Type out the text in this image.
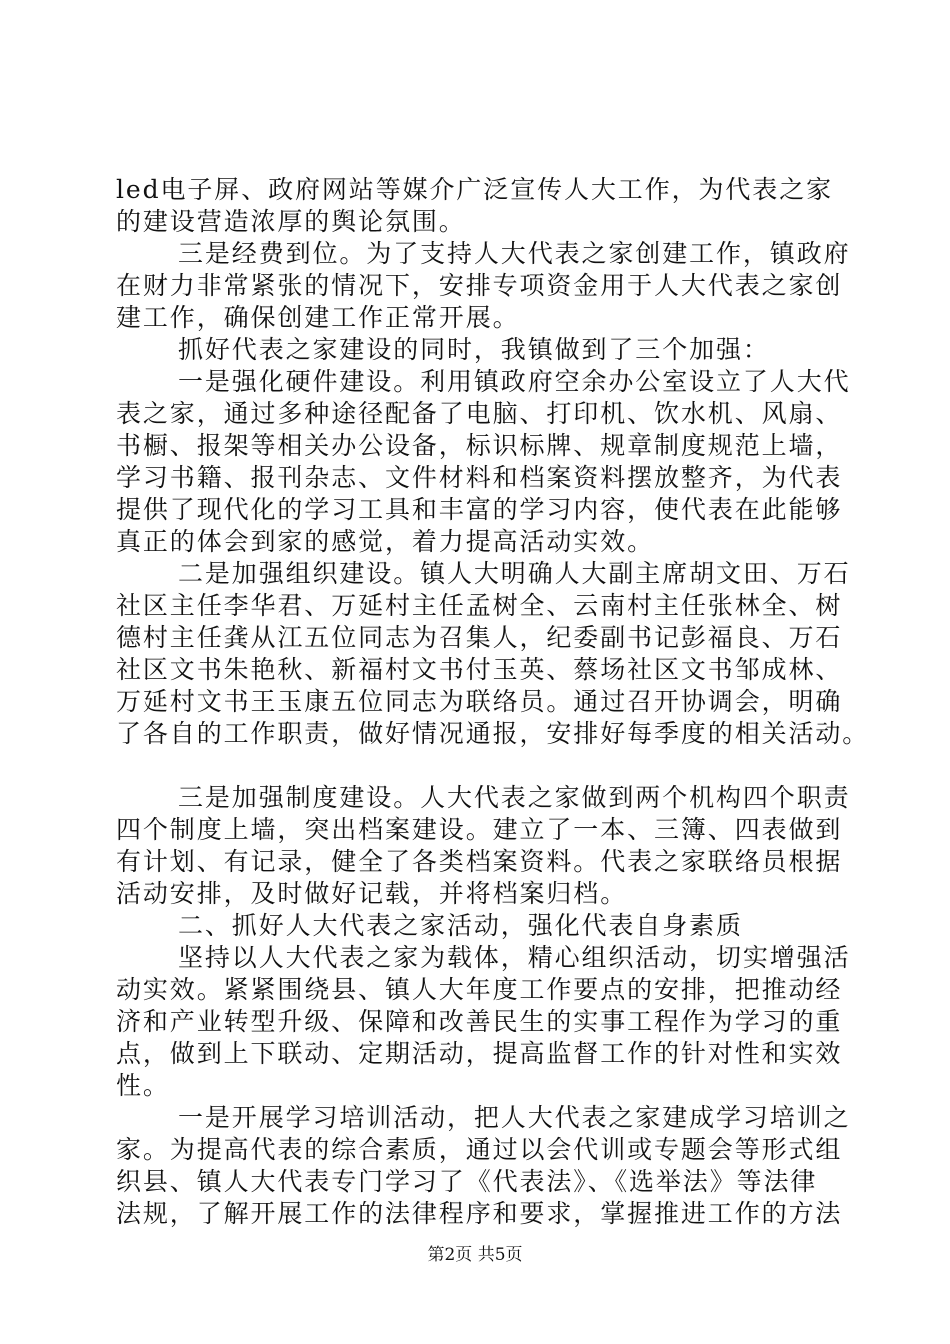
led电子屏、政府网站等媒介广泛宣传人大工作，为代表之家
的建设营造浓厚的舆论氛围。
三是经费到位。为了支持人大代表之家创建工作，镇政府
在财力非常紧张的情况下，安排专项资金用于人大代表之家创
建工作，确保创建工作正常开展。
抓好代表之家建设的同时，我镇做到了三个加强：
一是强化硬件建设。利用镇政府空余办公室设立了人大代
表之家，通过多种途径配备了电脑、打印机、饮水机、风扇、
书橱、报架等相关办公设备，标识标牌、规章制度规范上墙，
学习书籍、报刊杂志、文件材料和档案资料摆放整齐，为代表
提供了现代化的学习工具和丰富的学习内容，使代表在此能够
真正的体会到家的感觉，着力提高活动实效。
二是加强组织建设。镇人大明确人大副主席胡文田、万石
社区主任李华君、万延村主任孟树全、云南村主任张林全、树
德村主任龚从江五位同志为召集人，纪委副书记彭福良、万石
社区文书朱艳秋、新福村文书付玉英、蔡场社区文书邹成林、
万延村文书王玉康五位同志为联络员。通过召开协调会，明确
了各自的工作职责，做好情况通报，安排好每季度的相关活动。
三是加强制度建设。人大代表之家做到两个机构四个职责
四个制度上墙，突出档案建设。建立了一本、三簿、四表做到
有计划、有记录，健全了各类档案资料。代表之家联络员根据
活动安排，及时做好记载，并将档案归档。
二、抓好人大代表之家活动，强化代表自身素质
坚持以人大代表之家为载体，精心组织活动，切实增强活
动实效。紧紧围绕县、镇人大年度工作要点的安排，把推动经
济和产业转型升级、保障和改善民生的实事工程作为学习的重
点，做到上下联动、定期活动，提高监督工作的针对性和实效
性。
一是开展学习培训活动，把人大代表之家建成学习培训之
家。为提高代表的综合素质，通过以会代训或专题会等形式组
织县、镇人大代表专门学习了《代表法》、《选举法》等法律
法规，了解开展工作的法律程序和要求，掌握推进工作的方法
第2页 共5页
